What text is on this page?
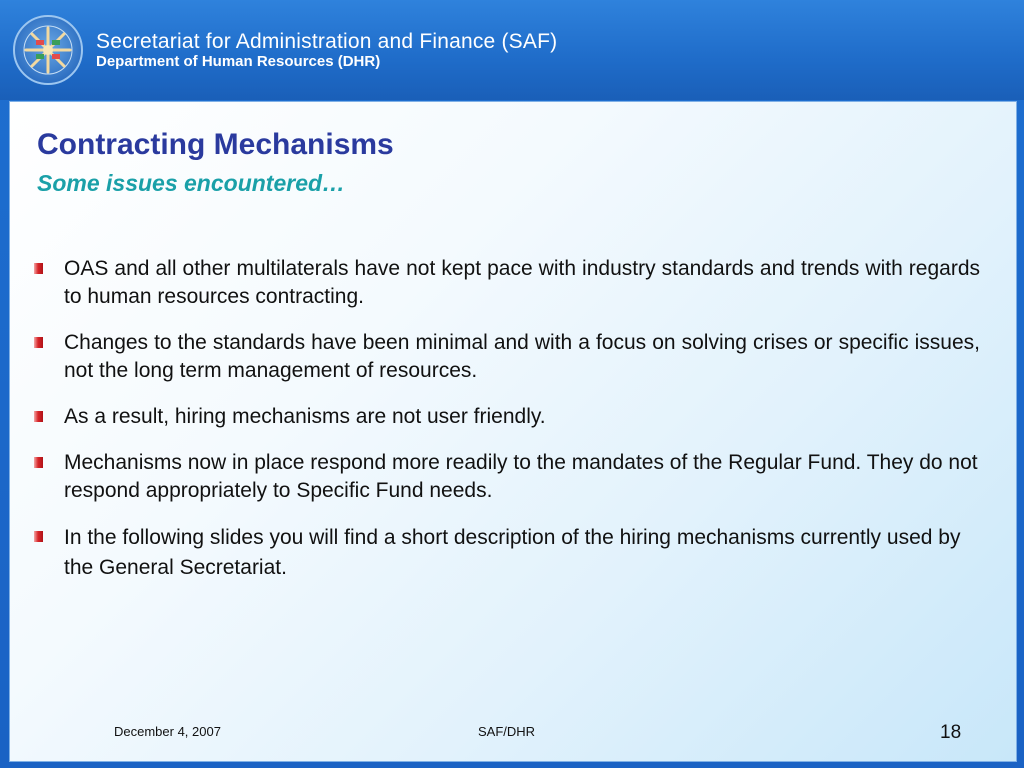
Secretariat for Administration and Finance (SAF)
Department of Human Resources (DHR)
Contracting Mechanisms
Some issues encountered…
OAS and all other multilaterals have not kept pace with industry standards and trends with regards to human resources contracting.
Changes to the standards have been minimal and with a focus on solving crises or specific issues, not the long term management of resources.
As a result, hiring mechanisms are not user friendly.
Mechanisms now in place respond more readily to the mandates of the Regular Fund. They do not respond appropriately to Specific Fund needs.
In the following slides you will find a short description of the hiring mechanisms currently used by the General Secretariat.
December 4, 2007	SAF/DHR	18
